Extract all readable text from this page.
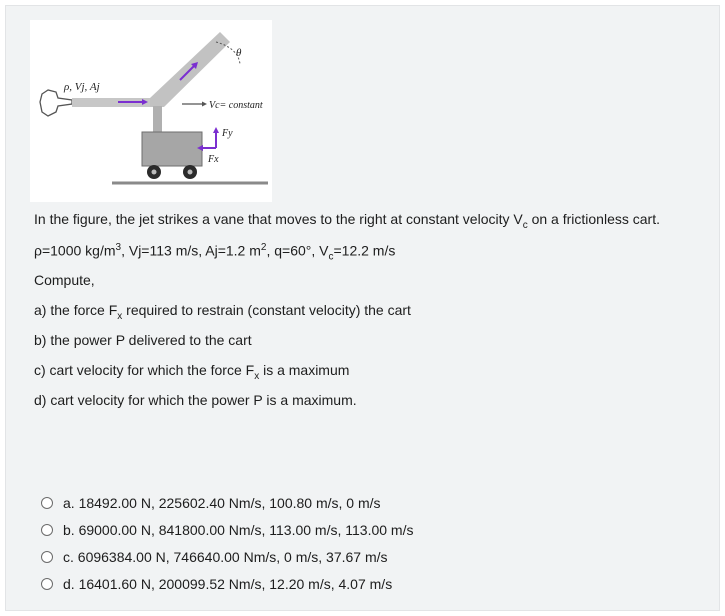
ρ, Vj, Aj
θ
Vc= constant
Fy
Fx
In the figure, the jet strikes a vane that moves to the right at constant velocity $V_c$ on a frictionless cart.
ρ=1000 $kg/m^3$, Vj=113 m/s, Aj=1.2 $m^2$, q=60°, $V_c=12.2$ m/s
Compute,
a) the force $F_x$ required to restrain (constant velocity) the cart
b) the power P delivered to the cart
c) cart velocity for which the force $F_x$ is a maximum
d) cart velocity for which the power P is a maximum.
a. 18492.00 N, 225602.40 Nm/s, 100.80 m/s, 0 m/s
b. 69000.00 N, 841800.00 Nm/s, 113.00 m/s, 113.00 m/s
c. 6096384.00 N, 746640.00 Nm/s, 0 m/s, 37.67 m/s
d. 16401.60 N, 200099.52 Nm/s, 12.20 m/s, 4.07 m/s
